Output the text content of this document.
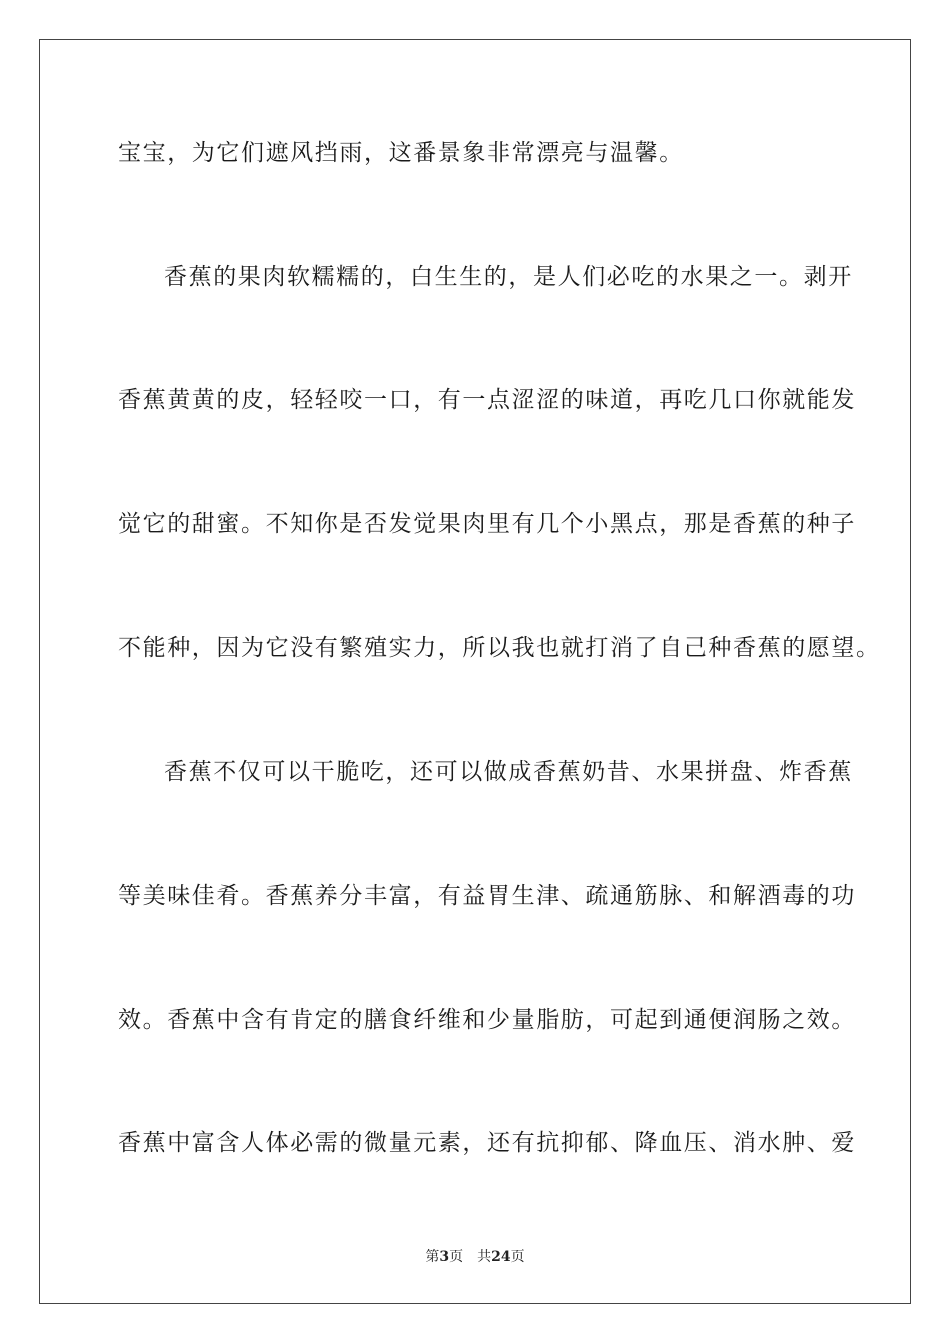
宝宝，为它们遮风挡雨，这番景象非常漂亮与温馨。
香蕉的果肉软糯糯的，白生生的，是人们必吃的水果之一。剥开
香蕉黄黄的皮，轻轻咬一口，有一点涩涩的味道，再吃几口你就能发
觉它的甜蜜。不知你是否发觉果肉里有几个小黑点，那是香蕉的种子
不能种，因为它没有繁殖实力，所以我也就打消了自己种香蕉的愿望。
香蕉不仅可以干脆吃，还可以做成香蕉奶昔、水果拼盘、炸香蕉
等美味佳肴。香蕉养分丰富，有益胃生津、疏通筋脉、和解酒毒的功
效。香蕉中含有肯定的膳食纤维和少量脂肪，可起到通便润肠之效。
香蕉中富含人体必需的微量元素，还有抗抑郁、降血压、消水肿、爱
第3页 共24页
